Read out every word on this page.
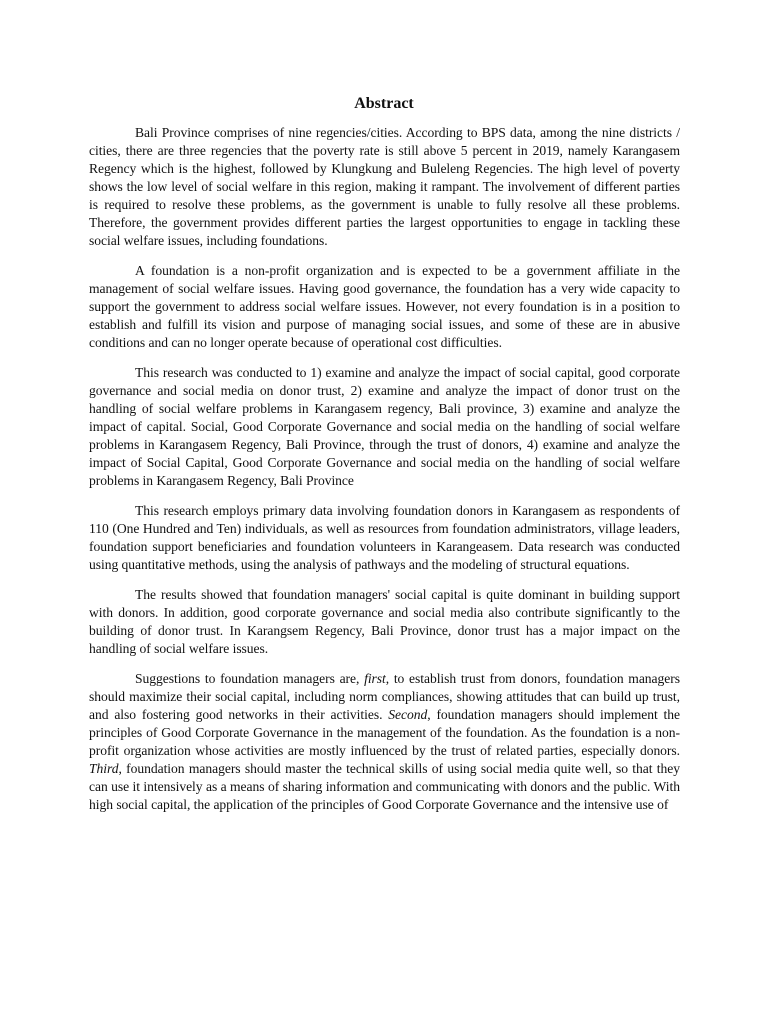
Abstract

Bali Province comprises of nine regencies/cities. According to BPS data, among the nine districts / cities, there are three regencies that the poverty rate is still above 5 percent in 2019, namely Karangasem Regency which is the highest, followed by Klungkung and Buleleng Regencies. The high level of poverty shows the low level of social welfare in this region, making it rampant. The involvement of different parties is required to resolve these problems, as the government is unable to fully resolve all these problems. Therefore, the government provides different parties the largest opportunities to engage in tackling these social welfare issues, including foundations.

A foundation is a non-profit organization and is expected to be a government affiliate in the management of social welfare issues. Having good governance, the foundation has a very wide capacity to support the government to address social welfare issues. However, not every foundation is in a position to establish and fulfill its vision and purpose of managing social issues, and some of these are in abusive conditions and can no longer operate because of operational cost difficulties.

This research was conducted to 1) examine and analyze the impact of social capital, good corporate governance and social media on donor trust, 2) examine and analyze the impact of donor trust on the handling of social welfare problems in Karangasem regency, Bali province, 3) examine and analyze the impact of capital. Social, Good Corporate Governance and social media on the handling of social welfare problems in Karangasem Regency, Bali Province, through the trust of donors, 4) examine and analyze the impact of Social Capital, Good Corporate Governance and social media on the handling of social welfare problems in Karangasem Regency, Bali Province

This research employs primary data involving foundation donors in Karangasem as respondents of 110 (One Hundred and Ten) individuals, as well as resources from foundation administrators, village leaders, foundation support beneficiaries and foundation volunteers in Karangeasem. Data research was conducted using quantitative methods, using the analysis of pathways and the modeling of structural equations.

The results showed that foundation managers' social capital is quite dominant in building support with donors. In addition, good corporate governance and social media also contribute significantly to the building of donor trust. In Karangsem Regency, Bali Province, donor trust has a major impact on the handling of social welfare issues.

Suggestions to foundation managers are, first, to establish trust from donors, foundation managers should maximize their social capital, including norm compliances, showing attitudes that can build up trust, and also fostering good networks in their activities. Second, foundation managers should implement the principles of Good Corporate Governance in the management of the foundation. As the foundation is a non-profit organization whose activities are mostly influenced by the trust of related parties, especially donors. Third, foundation managers should master the technical skills of using social media quite well, so that they can use it intensively as a means of sharing information and communicating with donors and the public. With high social capital, the application of the principles of Good Corporate Governance and the intensive use of
